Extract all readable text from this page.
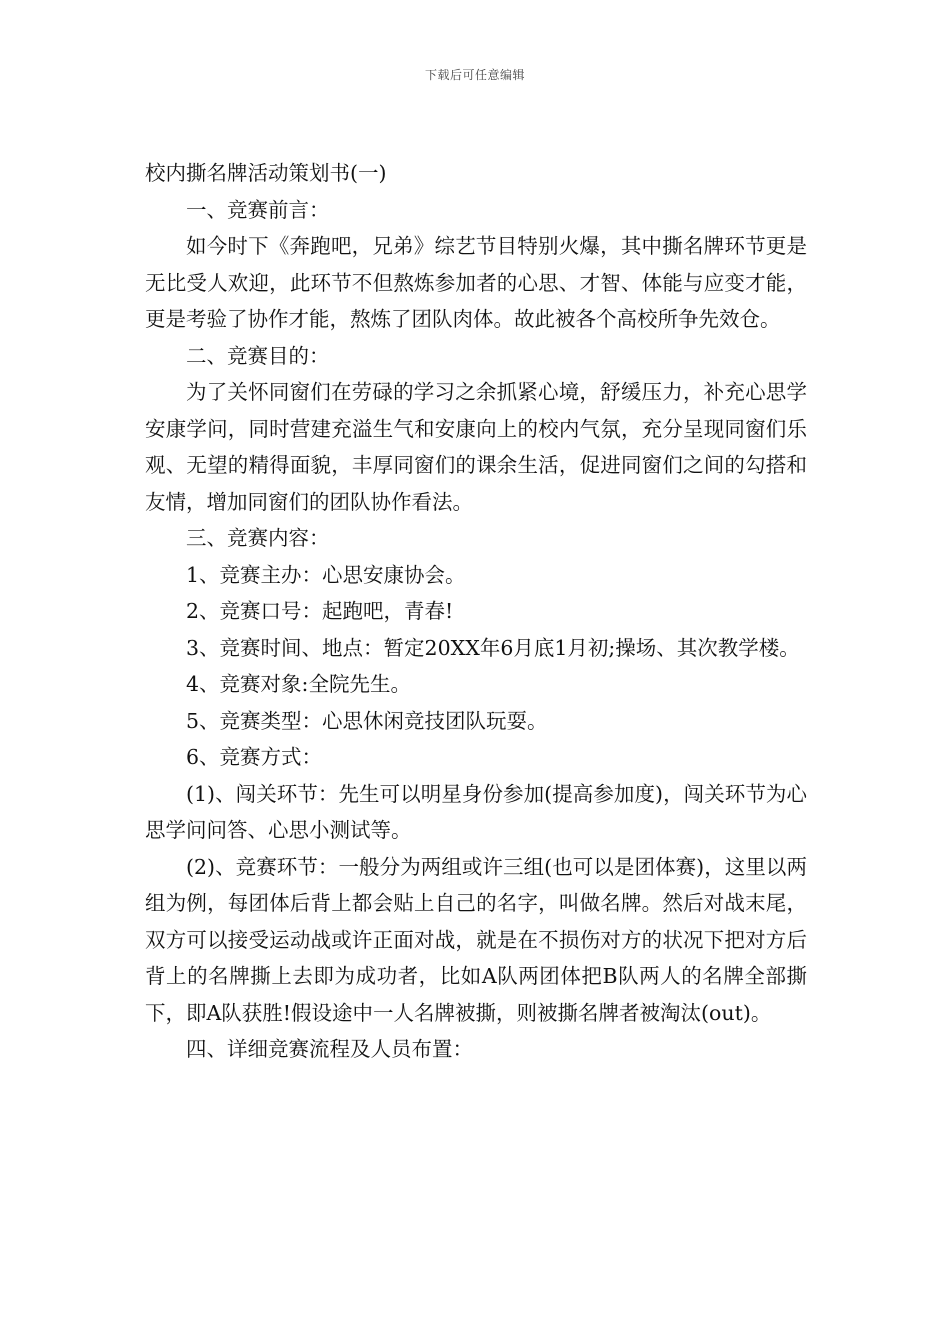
下载后可任意编辑

校内撕名牌活动策划书(一)

一、竞赛前言：

如今时下《奔跑吧，兄弟》综艺节目特别火爆，其中撕名牌环节更是无比受人欢迎，此环节不但熬炼参加者的心思、才智、体能与应变才能，更是考验了协作才能，熬炼了团队肉体。故此被各个高校所争先效仓。

二、竞赛目的：

为了关怀同窗们在劳碌的学习之余抓紧心境，舒缓压力，补充心思学安康学问，同时营建充溢生气和安康向上的校内气氛，充分呈现同窗们乐观、无望的精得面貌，丰厚同窗们的课余生活，促进同窗们之间的勾搭和友情，增加同窗们的团队协作看法。

三、竞赛内容：

1、竞赛主办：心思安康协会。

2、竞赛口号：起跑吧，青春!

3、竞赛时间、地点：暂定20XX年6月底1月初;操场、其次教学楼。

4、竞赛对象:全院先生。

5、竞赛类型：心思休闲竞技团队玩耍。

6、竞赛方式：

(1)、闯关环节：先生可以明星身份参加(提高参加度)，闯关环节为心思学问问答、心思小测试等。

(2)、竞赛环节：一般分为两组或许三组(也可以是团体赛)，这里以两组为例，每团体后背上都会贴上自己的名字，叫做名牌。然后对战末尾，双方可以接受运动战或许正面对战，就是在不损伤对方的状况下把对方后背上的名牌撕上去即为成功者，比如A队两团体把B队两人的名牌全部撕下，即A队获胜!假设途中一人名牌被撕，则被撕名牌者被淘汰(out)。

四、详细竞赛流程及人员布置：
